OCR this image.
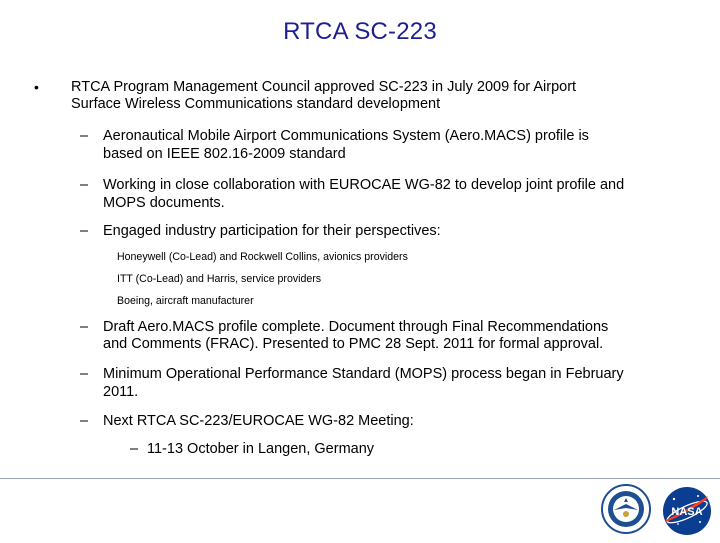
RTCA SC-223
• RTCA Program Management Council approved SC-223 in July 2009 for Airport
Surface Wireless Communications standard development
– Aeronautical Mobile Airport Communications System (Aero.MACS) profile is
based on IEEE 802.16-2009 standard
– Working in close collaboration with EUROCAE WG-82 to develop joint profile and
MOPS documents.
– Engaged industry participation for their perspectives:
Honeywell (Co-Lead) and Rockwell Collins, avionics providers
ITT (Co-Lead) and Harris, service providers
Boeing, aircraft manufacturer
– Draft Aero.MACS profile complete. Document through Final Recommendations
and Comments (FRAC). Presented to PMC 28 Sept. 2011 for formal approval.
– Minimum Operational Performance Standard (MOPS) process began in February
2011.
– Next RTCA SC-223/EUROCAE WG-82 Meeting:
– 11-13 October in Langen, Germany
NASA
